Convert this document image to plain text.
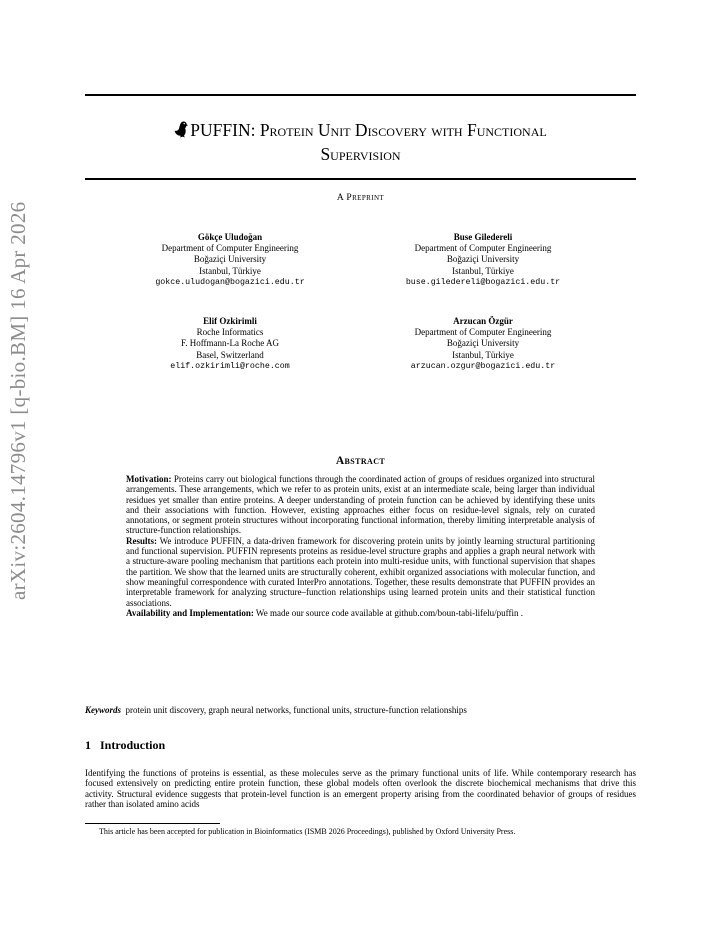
arXiv:2604.14796v1 [q-bio.BM] 16 Apr 2026
PUFFIN: Protein Unit Discovery with Functional
Supervision
A Preprint
Gökçe Uludoğan
Department of Computer Engineering
Boğaziçi University
Istanbul, Türkiye
gokce.uludogan@bogazici.edu.tr
Buse Giledereli
Department of Computer Engineering
Boğaziçi University
Istanbul, Türkiye
buse.giledereli@bogazici.edu.tr
Elif Ozkirimli
Roche Informatics
F. Hoffmann-La Roche AG
Basel, Switzerland
elif.ozkirimli@roche.com
Arzucan Özgür
Department of Computer Engineering
Boğaziçi University
Istanbul, Türkiye
arzucan.ozgur@bogazici.edu.tr
Abstract

Motivation: Proteins carry out biological functions through the coordinated action of groups of residues organized into structural arrangements. These arrangements, which we refer to as protein units, exist at an intermediate scale, being larger than individual residues yet smaller than entire proteins. A deeper understanding of protein function can be achieved by identifying these units and their associations with function. However, existing approaches either focus on residue-level signals, rely on curated annotations, or segment protein structures without incorporating functional information, thereby limiting interpretable analysis of structure-function relationships.

Results: We introduce PUFFIN, a data-driven framework for discovering protein units by jointly learning structural partitioning and functional supervision. PUFFIN represents proteins as residue-level structure graphs and applies a graph neural network with a structure-aware pooling mechanism that partitions each protein into multi-residue units, with functional supervision that shapes the partition. We show that the learned units are structurally coherent, exhibit organized associations with molecular function, and show meaningful correspondence with curated InterPro annotations. Together, these results demonstrate that PUFFIN provides an interpretable framework for analyzing structure–function relationships using learned protein units and their statistical function associations.

Availability and Implementation: We made our source code available at github.com/boun-tabi-lifelu/puffin .

Keywords protein unit discovery, graph neural networks, functional units, structure-function relationships
1 Introduction
Identifying the functions of proteins is essential, as these molecules serve as the primary functional units of life. While contemporary research has focused extensively on predicting entire protein function, these global models often overlook the discrete biochemical mechanisms that drive this activity. Structural evidence suggests that protein-level function is an emergent property arising from the coordinated behavior of groups of residues rather than isolated amino acids
This article has been accepted for publication in Bioinformatics (ISMB 2026 Proceedings), published by Oxford University Press.
